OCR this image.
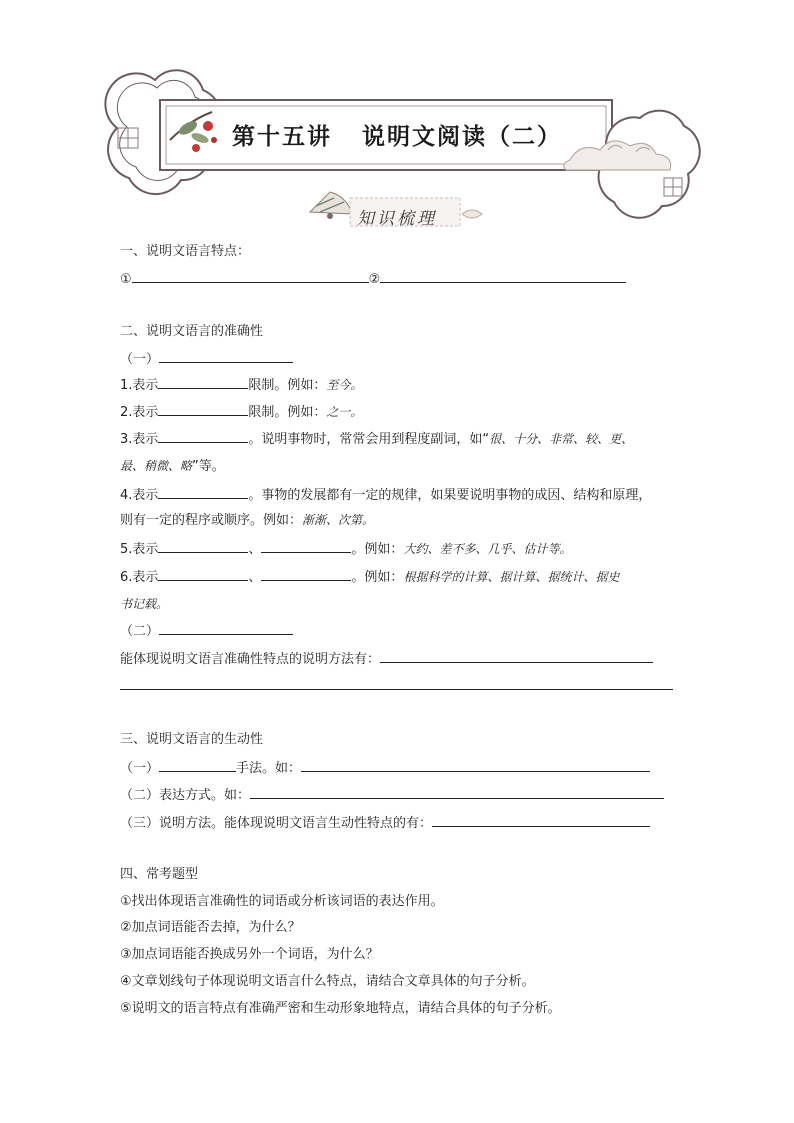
第十五讲   说明文阅读（二）
知识梳理
一、说明文语言特点：
①	②
二、说明文语言的准确性
（一）
1.表示	限制。例如：至今。
2.表示	限制。例如：之一。
3.表示	。说明事物时，常常会用到程度副词，如“很、十分、非常、较、更、
最、稍微、略”等。
4.表示	。事物的发展都有一定的规律，如果要说明事物的成因、结构和原理，
则有一定的程序或顺序。例如：渐渐、次第。
5.表示	、	。例如：大约、差不多、几乎、估计等。
6.表示	、	。例如：根据科学的计算、据计算、据统计、据史
书记载。
（二）
能体现说明文语言准确性特点的说明方法有：
三、说明文语言的生动性
（一）	手法。如：
（二）表达方式。如：
（三）说明方法。能体现说明文语言生动性特点的有：
四、常考题型
①找出体现语言准确性的词语或分析该词语的表达作用。
②加点词语能否去掉，为什么？
③加点词语能否换成另外一个词语，为什么？
④文章划线句子体现说明文语言什么特点，请结合文章具体的句子分析。
⑤说明文的语言特点有准确严密和生动形象地特点，请结合具体的句子分析。
